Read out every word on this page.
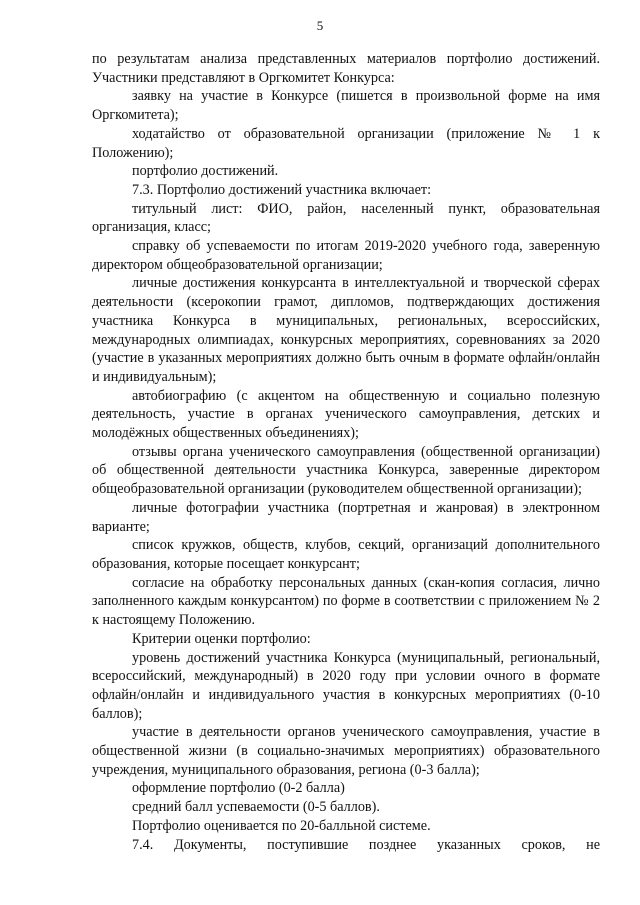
5

по результатам анализа представленных материалов портфолио достижений. Участники представляют в Оргкомитет Конкурса:

заявку на участие в Конкурсе (пишется в произвольной форме на имя Оргкомитета);

ходатайство от образовательной организации (приложение № 1 к Положению);

портфолио достижений.

7.3. Портфолио достижений участника включает:

титульный лист: ФИО, район, населенный пункт, образовательная организация, класс;

справку об успеваемости по итогам 2019-2020 учебного года, заверенную директором общеобразовательной организации;

личные достижения конкурсанта в интеллектуальной и творческой сферах деятельности (ксерокопии грамот, дипломов, подтверждающих достижения участника Конкурса в муниципальных, региональных, всероссийских, международных олимпиадах, конкурсных мероприятиях, соревнованиях за 2020 (участие в указанных мероприятиях должно быть очным в формате офлайн/онлайн и индивидуальным);

автобиографию (с акцентом на общественную и социально полезную деятельность, участие в органах ученического самоуправления, детских и молодёжных общественных объединениях);

отзывы органа ученического самоуправления (общественной организации) об общественной деятельности участника Конкурса, заверенные директором общеобразовательной организации (руководителем общественной организации);

личные фотографии участника (портретная и жанровая) в электронном варианте;

список кружков, обществ, клубов, секций, организаций дополнительного образования, которые посещает конкурсант;

согласие на обработку персональных данных (скан-копия согласия, лично заполненного каждым конкурсантом) по форме в соответствии с приложением № 2 к настоящему Положению.

Критерии оценки портфолио:

уровень достижений участника Конкурса (муниципальный, региональный, всероссийский, международный) в 2020 году при условии очного в формате офлайн/онлайн и индивидуального участия в конкурсных мероприятиях (0-10 баллов);

участие в деятельности органов ученического самоуправления, участие в общественной жизни (в социально-значимых мероприятиях) образовательного учреждения, муниципального образования, региона (0-3 балла);

оформление портфолио (0-2 балла)

средний балл успеваемости (0-5 баллов).

Портфолио оценивается по 20-балльной системе.

7.4. Документы, поступившие позднее указанных сроков, не
